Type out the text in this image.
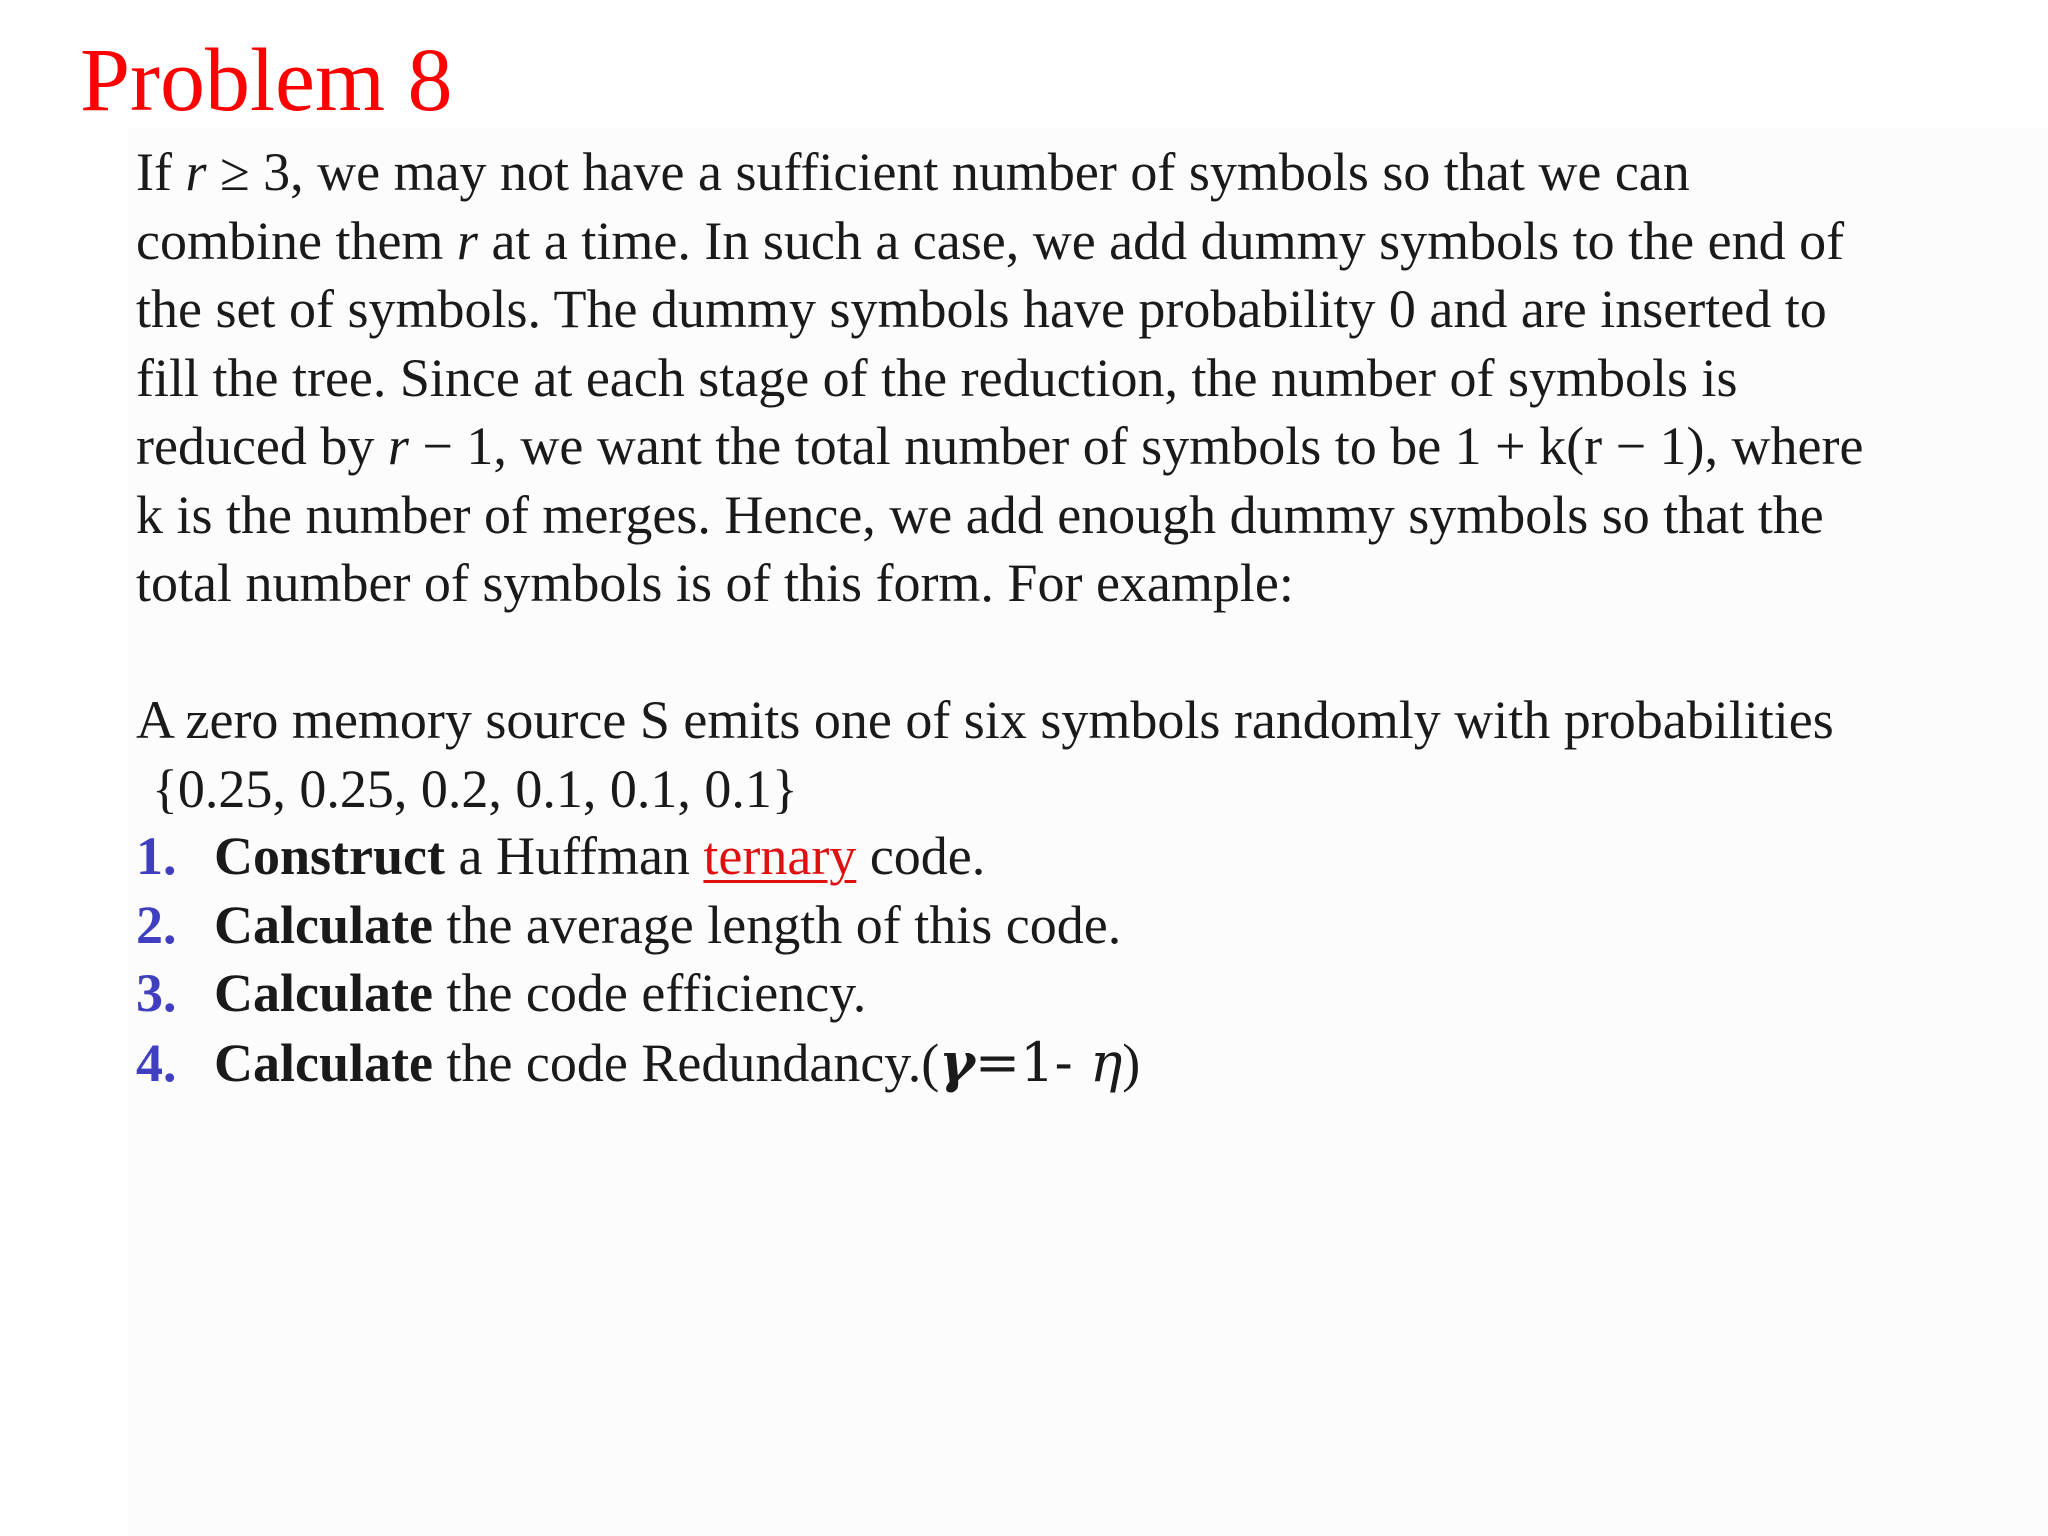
Problem 8
If r ≥ 3, we may not have a sufficient number of symbols so that we can
combine them r at a time. In such a case, we add dummy symbols to the end of
the set of symbols. The dummy symbols have probability 0 and are inserted to
fill the tree. Since at each stage of the reduction, the number of symbols is
reduced by r − 1, we want the total number of symbols to be 1 + k(r − 1), where
k is the number of merges. Hence, we add enough dummy symbols so that the
total number of symbols is of this form. For example:
A zero memory source S emits one of six symbols randomly with probabilities
{0.25, 0.25, 0.2, 0.1, 0.1, 0.1}
1. Construct a Huffman ternary code.
2. Calculate the average length of this code.
3. Calculate the code efficiency.
4. Calculate the code Redundancy.(γ=1- η)
